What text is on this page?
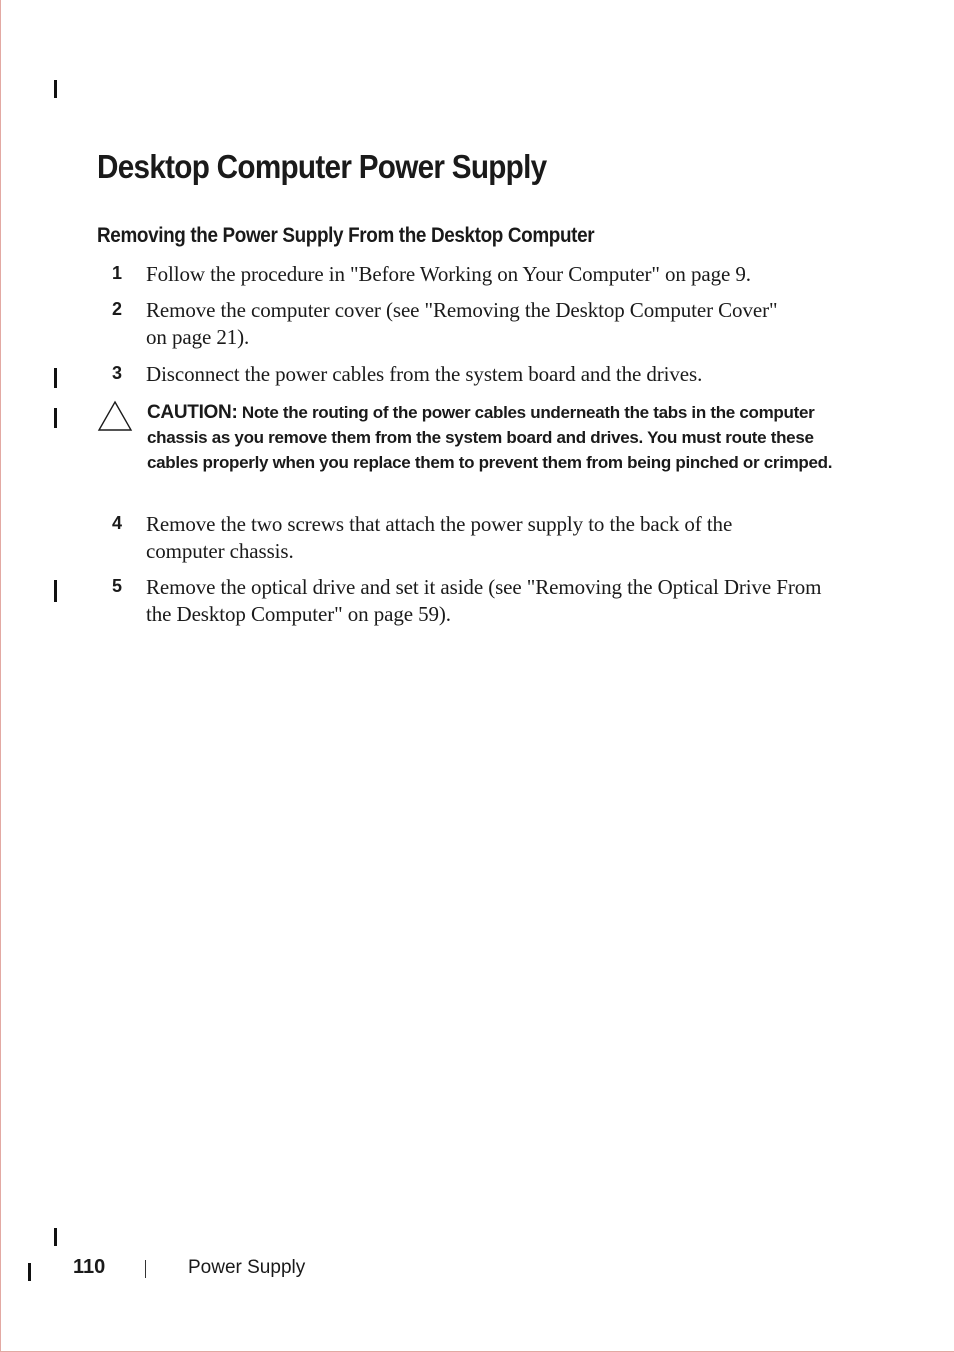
Desktop Computer Power Supply
Removing the Power Supply From the Desktop Computer
1 Follow the procedure in "Before Working on Your Computer" on page 9.
2 Remove the computer cover (see "Removing the Desktop Computer Cover" on page 21).
3 Disconnect the power cables from the system board and the drives.
CAUTION: Note the routing of the power cables underneath the tabs in the computer chassis as you remove them from the system board and drives. You must route these cables properly when you replace them to prevent them from being pinched or crimped.
4 Remove the two screws that attach the power supply to the back of the computer chassis.
5 Remove the optical drive and set it aside (see "Removing the Optical Drive From the Desktop Computer" on page 59).
110	Power Supply
